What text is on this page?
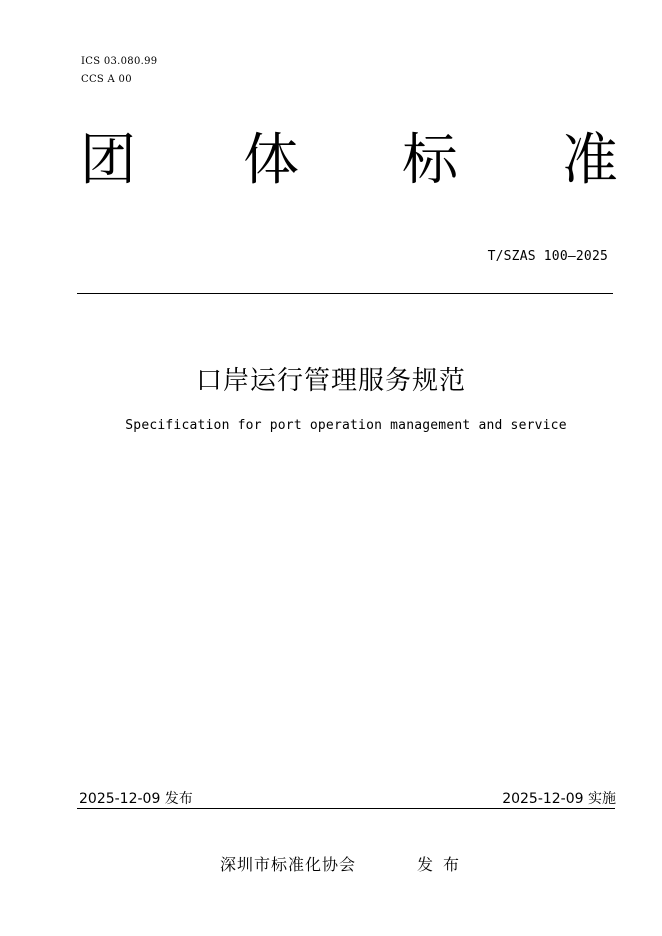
ICS 03.080.99
CCS A 00
团 体 标 准
T/SZAS 100—2025
口岸运行管理服务规范
Specification for port operation management and service
2025-12-09 发布	2025-12-09 实施
深圳市标准化协会	发布
